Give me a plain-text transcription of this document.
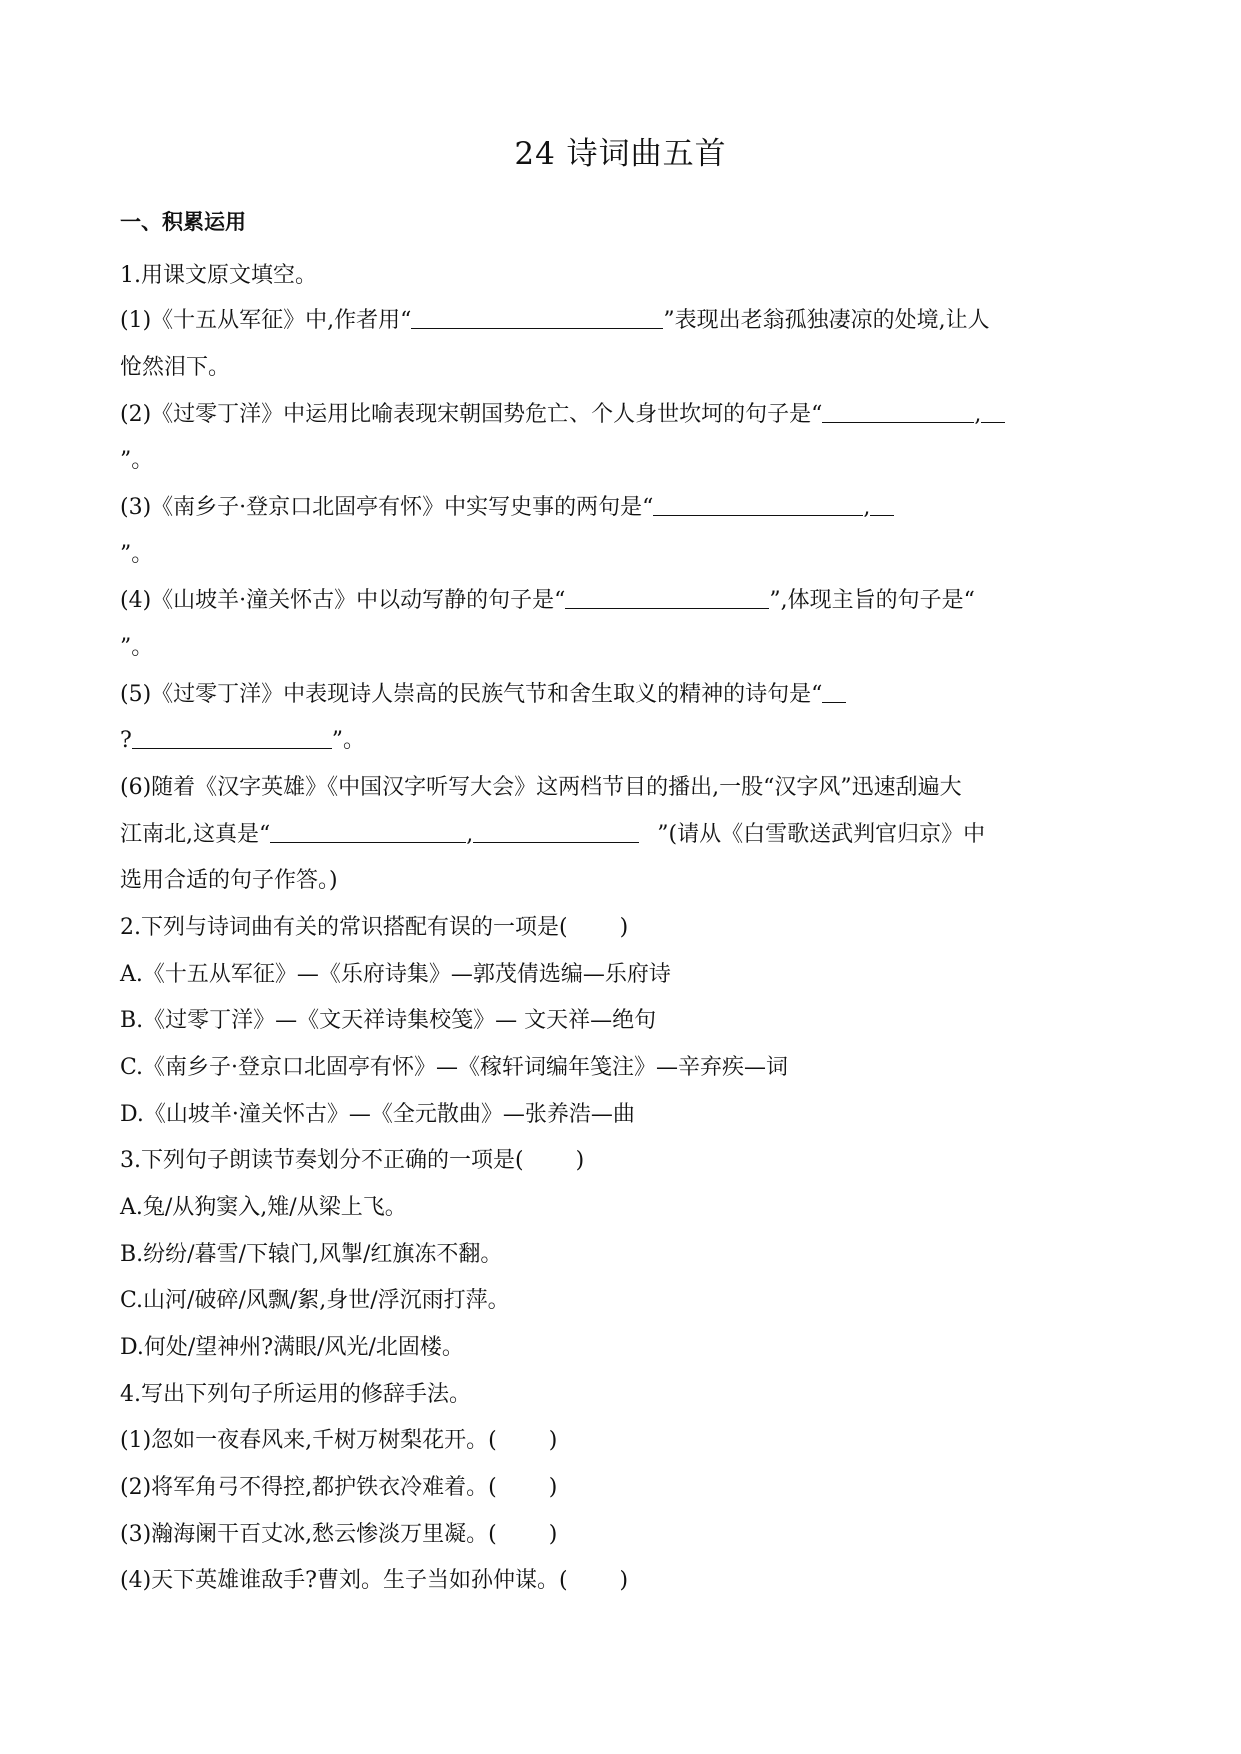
24 诗词曲五首
一、积累运用
1.用课文原文填空。
(1)《十五从军征》中,作者用“	”表现出老翁孤独凄凉的处境,让人
怆然泪下。
(2)《过零丁洋》中运用比喻表现宋朝国势危亡、个人身世坎坷的句子是“	,
”。
(3)《南乡子·登京口北固亭有怀》中实写史事的两句是“	,
”。
(4)《山坡羊·潼关怀古》中以动写静的句子是“	”,体现主旨的句子是“
”。
(5)《过零丁洋》中表现诗人崇高的民族气节和舍生取义的精神的诗句是“
?	”。
(6)随着《汉字英雄》《中国汉字听写大会》这两档节目的播出,一股“汉字风”迅速刮遍大
江南北,这真是“	,	”(请从《白雪歌送武判官归京》中
选用合适的句子作答。)
2.下列与诗词曲有关的常识搭配有误的一项是( )
A.《十五从军征》—《乐府诗集》—郭茂倩选编—乐府诗
B.《过零丁洋》—《文天祥诗集校笺》— 文天祥—绝句
C.《南乡子·登京口北固亭有怀》—《稼轩词编年笺注》—辛弃疾—词
D.《山坡羊·潼关怀古》—《全元散曲》—张养浩—曲
3.下列句子朗读节奏划分不正确的一项是( )
A.兔/从狗窦入,雉/从梁上飞。
B.纷纷/暮雪/下辕门,风掣/红旗冻不翻。
C.山河/破碎/风飘/絮,身世/浮沉雨打萍。
D.何处/望神州?满眼/风光/北固楼。
4.写出下列句子所运用的修辞手法。
(1)忽如一夜春风来,千树万树梨花开。( )
(2)将军角弓不得控,都护铁衣冷难着。( )
(3)瀚海阑干百丈冰,愁云惨淡万里凝。( )
(4)天下英雄谁敌手?曹刘。生子当如孙仲谋。( )
